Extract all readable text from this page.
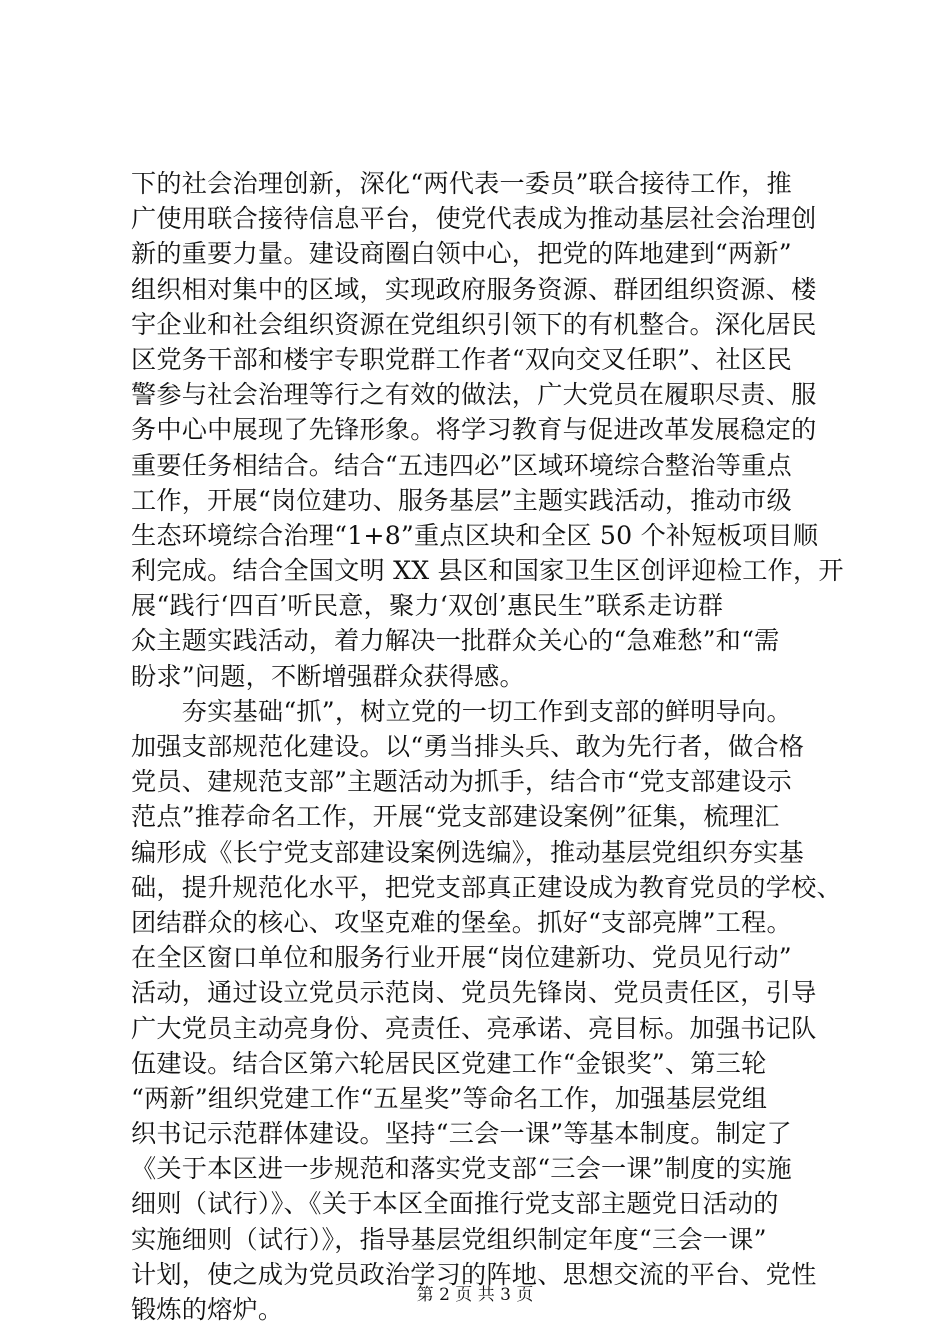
下的社会治理创新，深化“两代表一委员”联合接待工作，推
广使用联合接待信息平台，使党代表成为推动基层社会治理创
新的重要力量。建设商圈白领中心，把党的阵地建到“两新”
组织相对集中的区域，实现政府服务资源、群团组织资源、楼
宇企业和社会组织资源在党组织引领下的有机整合。深化居民
区党务干部和楼宇专职党群工作者“双向交叉任职”、社区民
警参与社会治理等行之有效的做法，广大党员在履职尽责、服
务中心中展现了先锋形象。将学习教育与促进改革发展稳定的
重要任务相结合。结合“五违四必”区域环境综合整治等重点
工作，开展“岗位建功、服务基层”主题实践活动，推动市级
生态环境综合治理“1+8”重点区块和全区 50 个补短板项目顺
利完成。结合全国文明 XX 县区和国家卫生区创评迎检工作，开
展“践行‘四百’听民意，聚力‘双创’惠民生”联系走访群
众主题实践活动，着力解决一批群众关心的“急难愁”和“需
盼求”问题，不断增强群众获得感。
　　夯实基础“抓”，树立党的一切工作到支部的鲜明导向。
加强支部规范化建设。以“勇当排头兵、敢为先行者，做合格
党员、建规范支部”主题活动为抓手，结合市“党支部建设示
范点”推荐命名工作，开展“党支部建设案例”征集，梳理汇
编形成《长宁党支部建设案例选编》，推动基层党组织夯实基
础，提升规范化水平，把党支部真正建设成为教育党员的学校、
团结群众的核心、攻坚克难的堡垒。抓好“支部亮牌”工程。
在全区窗口单位和服务行业开展“岗位建新功、党员见行动”
活动，通过设立党员示范岗、党员先锋岗、党员责任区，引导
广大党员主动亮身份、亮责任、亮承诺、亮目标。加强书记队
伍建设。结合区第六轮居民区党建工作“金银奖”、第三轮
“两新”组织党建工作“五星奖”等命名工作，加强基层党组
织书记示范群体建设。坚持“三会一课”等基本制度。制定了
《关于本区进一步规范和落实党支部“三会一课”制度的实施
细则（试行）》、《关于本区全面推行党支部主题党日活动的
实施细则（试行）》，指导基层党组织制定年度“三会一课”
计划，使之成为党员政治学习的阵地、思想交流的平台、党性
锻炼的熔炉。	第 2 页 共 3 页
